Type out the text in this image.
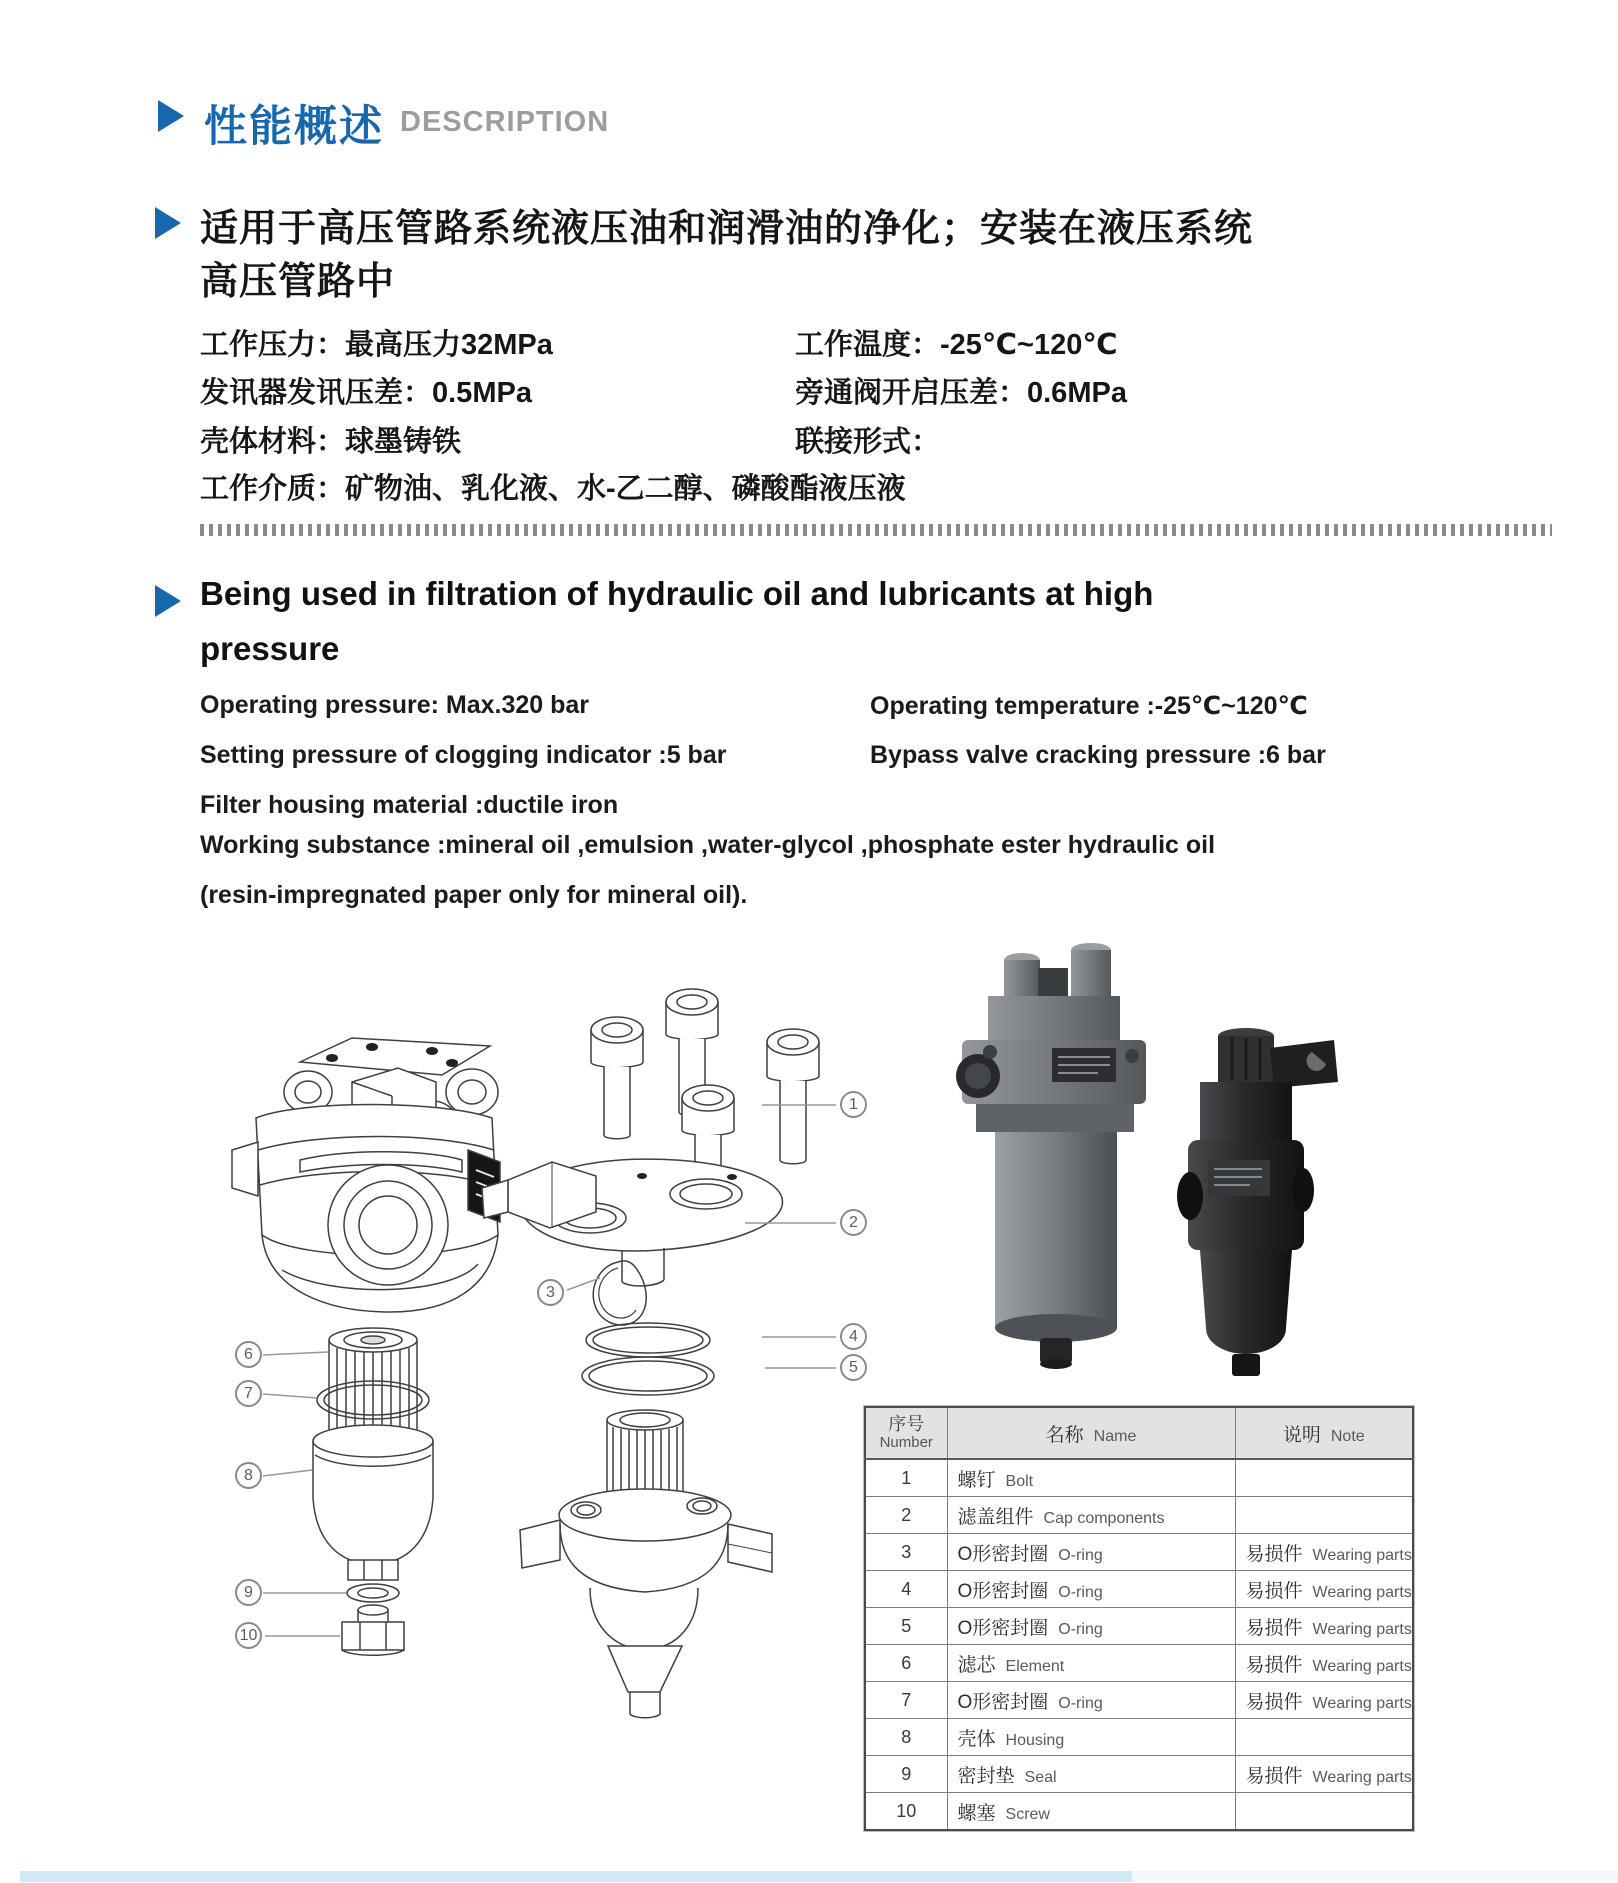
性能概述 DESCRIPTION
适用于高压管路系统液压油和润滑油的净化；安装在液压系统
高压管路中
工作压力：最高压力32MPa	工作温度：-25℃~120℃
发讯器发讯压差：0.5MPa	旁通阀开启压差：0.6MPa
壳体材料：球墨铸铁	联接形式：
工作介质：矿物油、乳化液、水-乙二醇、磷酸酯液压液
Being used in filtration of hydraulic oil and lubricants at high
pressure
Operating pressure: Max.320 bar	Operating temperature :-25℃~120℃
Setting pressure of clogging indicator :5 bar	Bypass valve cracking pressure :6 bar
Filter housing material :ductile iron
Working substance :mineral oil ,emulsion ,water-glycol ,phosphate ester hydraulic oil
(resin-impregnated paper only for mineral oil).
1
2
3
4
5
6
7
8
9
10
序号
Number	名称 Name	说明 Note
1	螺钉 Bolt	
2	滤盖组件 Cap components	
3	O形密封圈 O-ring	易损件 Wearing parts
4	O形密封圈 O-ring	易损件 Wearing parts
5	O形密封圈 O-ring	易损件 Wearing parts
6	滤芯 Element	易损件 Wearing parts
7	O形密封圈 O-ring	易损件 Wearing parts
8	壳体 Housing	
9	密封垫 Seal	易损件 Wearing parts
10	螺塞 Screw	
